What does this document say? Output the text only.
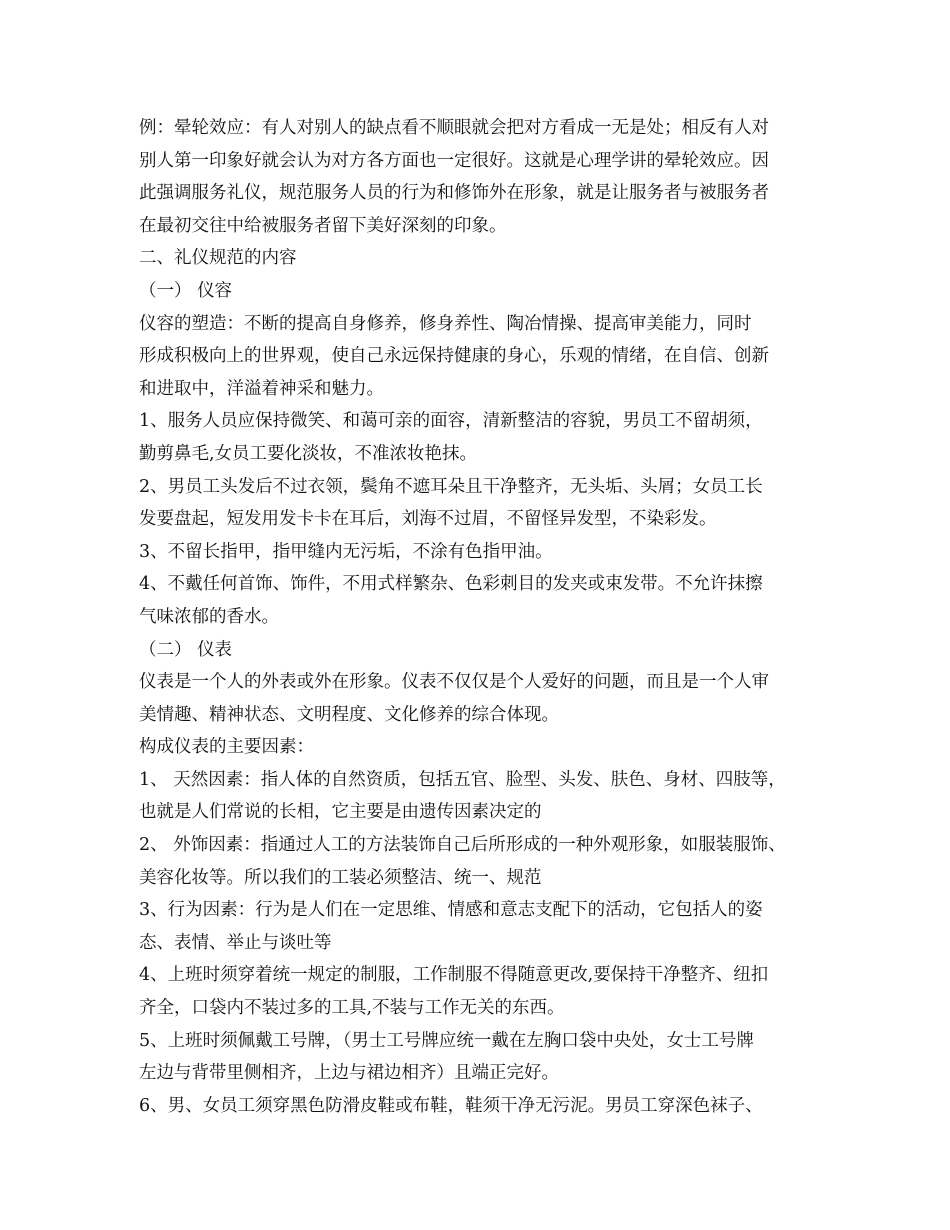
例：晕轮效应：有人对别人的缺点看不顺眼就会把对方看成一无是处；相反有人对
别人第一印象好就会认为对方各方面也一定很好。这就是心理学讲的晕轮效应。因
此强调服务礼仪，规范服务人员的行为和修饰外在形象，就是让服务者与被服务者
在最初交往中给被服务者留下美好深刻的印象。
二、礼仪规范的内容
（一） 仪容
仪容的塑造：不断的提高自身修养，修身养性、陶冶情操、提高审美能力，同时
形成积极向上的世界观，使自己永远保持健康的身心，乐观的情绪，在自信、创新
和进取中，洋溢着神采和魅力。
1、服务人员应保持微笑、和蔼可亲的面容，清新整洁的容貌，男员工不留胡须，
勤剪鼻毛,女员工要化淡妆，不准浓妆艳抹。
2、男员工头发后不过衣领，鬓角不遮耳朵且干净整齐，无头垢、头屑；女员工长
发要盘起，短发用发卡卡在耳后，刘海不过眉，不留怪异发型，不染彩发。
3、不留长指甲，指甲缝内无污垢，不涂有色指甲油。
4、不戴任何首饰、饰件，不用式样繁杂、色彩刺目的发夹或束发带。不允许抹擦
气味浓郁的香水。
（二） 仪表
仪表是一个人的外表或外在形象。仪表不仅仅是个人爱好的问题，而且是一个人审
美情趣、精神状态、文明程度、文化修养的综合体现。
构成仪表的主要因素：
1、 天然因素：指人体的自然资质，包括五官、脸型、头发、肤色、身材、四肢等，
也就是人们常说的长相，它主要是由遗传因素决定的
2、 外饰因素：指通过人工的方法装饰自己后所形成的一种外观形象，如服装服饰、
美容化妆等。所以我们的工装必须整洁、统一、规范
3、行为因素：行为是人们在一定思维、情感和意志支配下的活动，它包括人的姿
态、表情、举止与谈吐等
4、上班时须穿着统一规定的制服，工作制服不得随意更改,要保持干净整齐、纽扣
齐全，口袋内不装过多的工具,不装与工作无关的东西。
5、上班时须佩戴工号牌，（男士工号牌应统一戴在左胸口袋中央处，女士工号牌
左边与背带里侧相齐，上边与裙边相齐）且端正完好。
6、男、女员工须穿黑色防滑皮鞋或布鞋，鞋须干净无污泥。男员工穿深色袜子、
